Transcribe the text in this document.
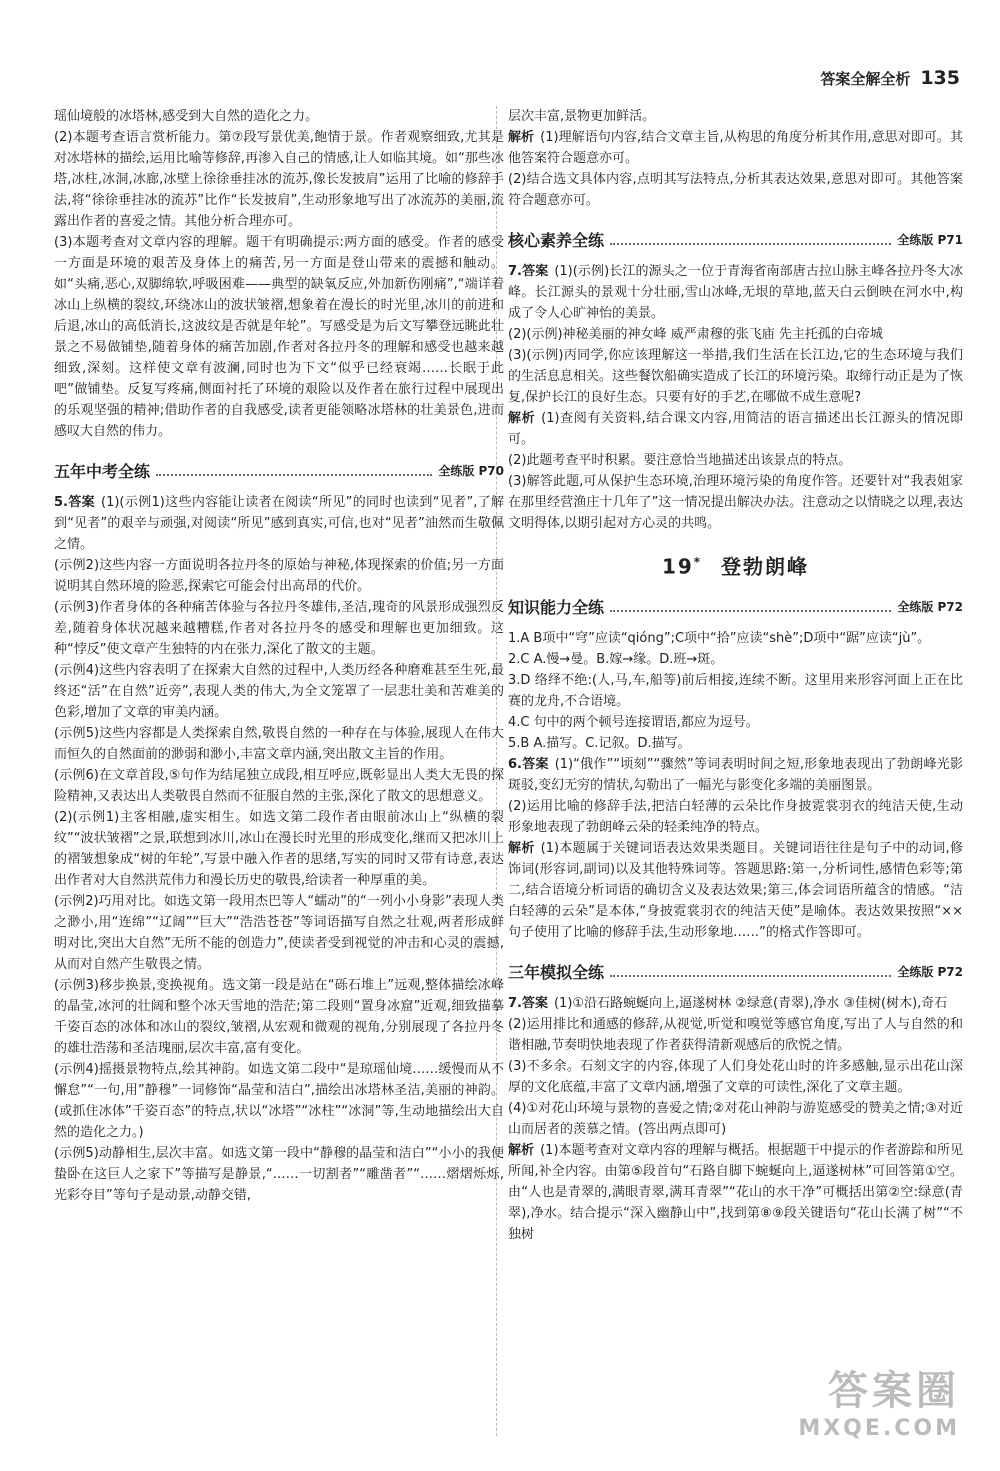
答案全解全析 135

瑶仙境般的冰塔林,感受到大自然的造化之力。

(2)本题考查语言赏析能力。第⑦段写景优美,飽情于景。作者观察细致,尤其是对冰塔林的描绘,运用比喻等修辞,再渗入自己的情感,让人如临其境。如“那些冰塔,冰柱,冰洞,冰廊,冰壁上徐徐垂挂冰的流苏,像长发披肩”运用了比喻的修辞手法,将“徐徐垂挂冰的流苏”比作“长发披肩”,生动形象地写出了冰流苏的美丽,流露出作者的喜爱之情。其他分析合理亦可。

(3)本题考查对文章内容的理解。题干有明确提示:两方面的感受。作者的感受一方面是环境的艰苦及身体上的痛苦,另一方面是登山带来的震撼和触动。如“头痛,恶心,双脚绵软,呼吸困难——典型的缺氧反应,外加新伤刚痛”,“端详着冰山上纵横的裂纹,环绕冰山的波状皱褶,想象着在漫长的时光里,冰川的前进和后退,冰山的高低消长,这波纹是否就是年轮”。写感受是为后文写攀登远眺此壮景之不易做铺垫,随着身体的痛苦加剧,作者对各拉丹冬的理解和感受也越来越细致,深刻。这样使文章有波澜,同时也为下文“似乎已经衰竭……长眠于此吧”做铺垫。反复写疼痛,侧面衬托了环境的艰险以及作者在旅行过程中展现出的乐观坚强的精神;借助作者的自我感受,读者更能领略冰塔林的壮美景色,进而感叹大自然的伟力。

五年中考全练	全练版 P70

5.答案 (1)(示例1)这些内容能让读者在阅读“所见”的同时也读到“见者”,了解到“见者”的艰辛与顽强,对阅读“所见”感到真实,可信,也对“见者”油然而生敬佩之情。

(示例2)这些内容一方面说明各拉丹冬的原始与神秘,体现探索的价值;另一方面说明其自然环境的险恶,探索它可能会付出高昂的代价。

(示例3)作者身体的各种痛苦体验与各拉丹冬雄伟,圣洁,瑰奇的风景形成强烈反差,随着身体状况越来越糟糕,作者对各拉丹冬的感受和理解也更加细致。这种“悖反”使文章产生独特的内在张力,深化了散文的主题。

(示例4)这些内容表明了在探索大自然的过程中,人类历经各种磨难甚至生死,最终还“活”在自然”近旁”,表现人类的伟大,为全文笼罩了一层悲壮美和苦难美的色彩,增加了文章的审美内涵。

(示例5)这些内容都是人类探索自然,敬畏自然的一种存在与体验,展现人在伟大而恒久的自然面前的渺弱和渺小,丰富文章内涵,突出散文主旨的作用。

(示例6)在文章首段,⑤句作为结尾独立成段,相互呼应,既彰显出人类大无畏的探险精神,又表达出人类敬畏自然而不征服自然的主张,深化了散文的思想意义。

(2)(示例1)主客相融,虚实相生。如选文第二段作者由眼前冰山上“纵横的裂纹”“波状皱褶”之景,联想到冰川,冰山在漫长时光里的形成变化,继而又把冰川上的褶皱想象成“树的年轮”,写景中融入作者的思绪,写实的同时又带有诗意,表达出作者对大自然洪荒伟力和漫长历史的敬畏,给读者一种厚重的美。

(示例2)巧用对比。如选文第一段用杰巴等人“蠕动”的“一列小小身影”表现人类之渺小,用“连绵”“辽阔”“巨大”“浩浩苍苍”等词语描写自然之壮观,两者形成鲜明对比,突出大自然”无所不能的创造力”,使读者受到视觉的冲击和心灵的震撼,从而对自然产生敬畏之情。

(示例3)移步换景,变换视角。选文第一段是站在“砾石堆上”远观,整体描绘冰峰的晶莹,冰河的壮阔和整个冰天雪地的浩茫;第二段则“置身冰窟”近观,细致描摹千姿百态的冰体和冰山的裂纹,皱褶,从宏观和微观的视角,分别展现了各拉丹冬的雄壮浩荡和圣洁瑰丽,层次丰富,富有变化。

(示例4)摇摄景物特点,绘其神韵。如选文第二段中“是琼瑶仙境……缓慢而从不懈怠”“一句,用”静穆”一词修饰“晶莹和洁白”,描绘出冰塔林圣洁,美丽的神韵。(或抓住冰体”千姿百态”的特点,状以“冰塔”“冰柱”“冰洞”等,生动地描绘出大自然的造化之力。)

(示例5)动静相生,层次丰富。如选文第一段中“静穆的晶莹和洁白”“小小的我便蛰卧在这巨人之家下”等描写是静景,“……一切割者”“雕凿者”“……熠熠烁烁,光彩夺目”等句子是动景,动静交错,

层次丰富,景物更加鲜活。

解析 (1)理解语句内容,结合文章主旨,从构思的角度分析其作用,意思对即可。其他答案符合题意亦可。

(2)结合选文具体内容,点明其写法特点,分析其表达效果,意思对即可。其他答案符合题意亦可。

核心素养全练	全练版 P71

7.答案 (1)(示例)长江的源头之一位于青海省南部唐古拉山脉主峰各拉丹冬大冰峰。长江源头的景观十分壮丽,雪山冰峰,无垠的草地,蓝天白云倒映在河水中,构成了令人心旷神怡的美景。

(2)(示例)神秘美丽的神女峰 威严肃穆的张飞庙 先主托孤的白帝城

(3)(示例)丙同学,你应该理解这一举措,我们生活在长江边,它的生态环境与我们的生活息息相关。这些餐饮船确实造成了长江的环境污染。取缔行动正是为了恢复,保护长江的良好生态。只要有好的手艺,在哪做不成生意呢?

解析 (1)查阅有关资料,结合课文内容,用简洁的语言描述出长江源头的情况即可。

(2)此题考查平时积累。要注意恰当地描述出该景点的特点。

(3)解答此题,可从保护生态环境,治理环境污染的角度作答。还要针对“我表姐家在那里经营渔庄十几年了”这一情况提出解决办法。注意动之以情晓之以理,表达文明得体,以期引起对方心灵的共鸣。

19* 登勃朗峰
知识能力全练	全练版 P72

1.A B项中“穹”应读“qióng”;C项中“拾”应读“shè”;D项中“踞”应读“jù”。

2.C A.慢→曼。B.嫁→缘。D.班→斑。

3.D 络绎不绝:(人,马,车,船等)前后相接,连续不断。这里用来形容河面上正在比赛的龙舟,不合语境。

4.C 句中的两个顿号连接谓语,都应为逗号。

5.B A.描写。C.记叙。D.描写。

6.答案 (1)“俄作”“顷刻”“骤然”等词表明时间之短,形象地表现出了勃朗峰光影斑驳,变幻无穷的情状,勾勒出了一幅光与影变化多端的美丽图景。

(2)运用比喻的修辞手法,把洁白轻薄的云朵比作身披霓裳羽衣的纯洁天使,生动形象地表现了勃朗峰云朵的轻柔纯净的特点。

解析 (1)本题属于关键词语表达效果类题目。关键词语往往是句子中的动词,修饰词(形容词,副词)以及其他特殊词等。答题思路:第一,分析词性,感情色彩等;第二,结合语境分析词语的确切含义及表达效果;第三,体会词语所蕴含的情感。“洁白轻薄的云朵”是本体,“身披霓裳羽衣的纯洁天使”是喻体。表达效果按照“××句子使用了比喻的修辞手法,生动形象地……”的格式作答即可。

三年模拟全练	全练版 P72

7.答案 (1)①沿石路蜿蜒向上,逼遂树林 ②绿意(青翠),净水 ③佳树(树木),奇石

(2)运用排比和通感的修辞,从视觉,听觉和嗅觉等感官角度,写出了人与自然的和谐相融,节奏明快地表现了作者获得清新观感后的欣悦之情。

(3)不多余。石刻文字的内容,体现了人们身处花山时的许多感触,显示出花山深厚的文化底蕴,丰富了文章内涵,增强了文章的可读性,深化了文章主题。

(4)①对花山环境与景物的喜爱之情;②对花山神韵与游览感受的赞美之情;③对近山而居者的羡慕之情。(答出两点即可)

解析 (1)本题考查对文章内容的理解与概括。根据题干中提示的作者游踪和所见所闻,补全内容。由第⑤段首句“石路自脚下蜿蜒向上,逼遂树林”可回答第①空。由“人也是青翠的,满眼青翠,满耳青翠”“花山的水干净”可概括出第②空:绿意(青翠),净水。结合提示“深入幽静山中”,找到第⑧⑨段关键语句“花山长满了树”“不独树

答案圈
MXQE.COM
